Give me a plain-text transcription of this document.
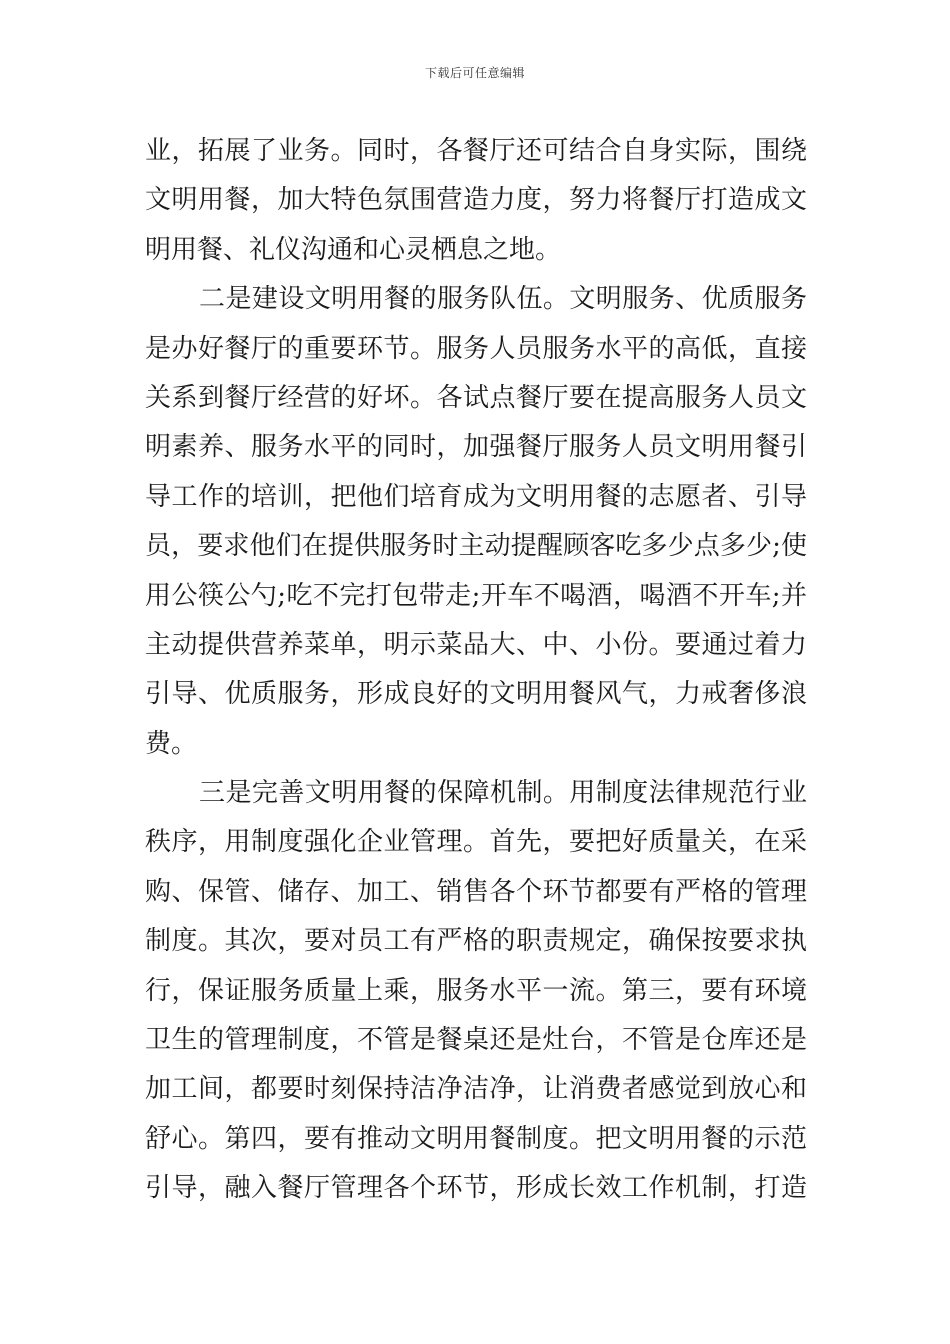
下载后可任意编辑
业，拓展了业务。同时，各餐厅还可结合自身实际，围绕
文明用餐，加大特色氛围营造力度，努力将餐厅打造成文
明用餐、礼仪沟通和心灵栖息之地。
二是建设文明用餐的服务队伍。文明服务、优质服务
是办好餐厅的重要环节。服务人员服务水平的高低，直接
关系到餐厅经营的好坏。各试点餐厅要在提高服务人员文
明素养、服务水平的同时，加强餐厅服务人员文明用餐引
导工作的培训，把他们培育成为文明用餐的志愿者、引导
员，要求他们在提供服务时主动提醒顾客吃多少点多少;使
用公筷公勺;吃不完打包带走;开车不喝酒，喝酒不开车;并
主动提供营养菜单，明示菜品大、中、小份。要通过着力
引导、优质服务，形成良好的文明用餐风气，力戒奢侈浪
费。
三是完善文明用餐的保障机制。用制度法律规范行业
秩序，用制度强化企业管理。首先，要把好质量关，在采
购、保管、储存、加工、销售各个环节都要有严格的管理
制度。其次，要对员工有严格的职责规定，确保按要求执
行，保证服务质量上乘，服务水平一流。第三，要有环境
卫生的管理制度，不管是餐桌还是灶台，不管是仓库还是
加工间，都要时刻保持洁净洁净，让消费者感觉到放心和
舒心。第四，要有推动文明用餐制度。把文明用餐的示范
引导，融入餐厅管理各个环节，形成长效工作机制，打造
